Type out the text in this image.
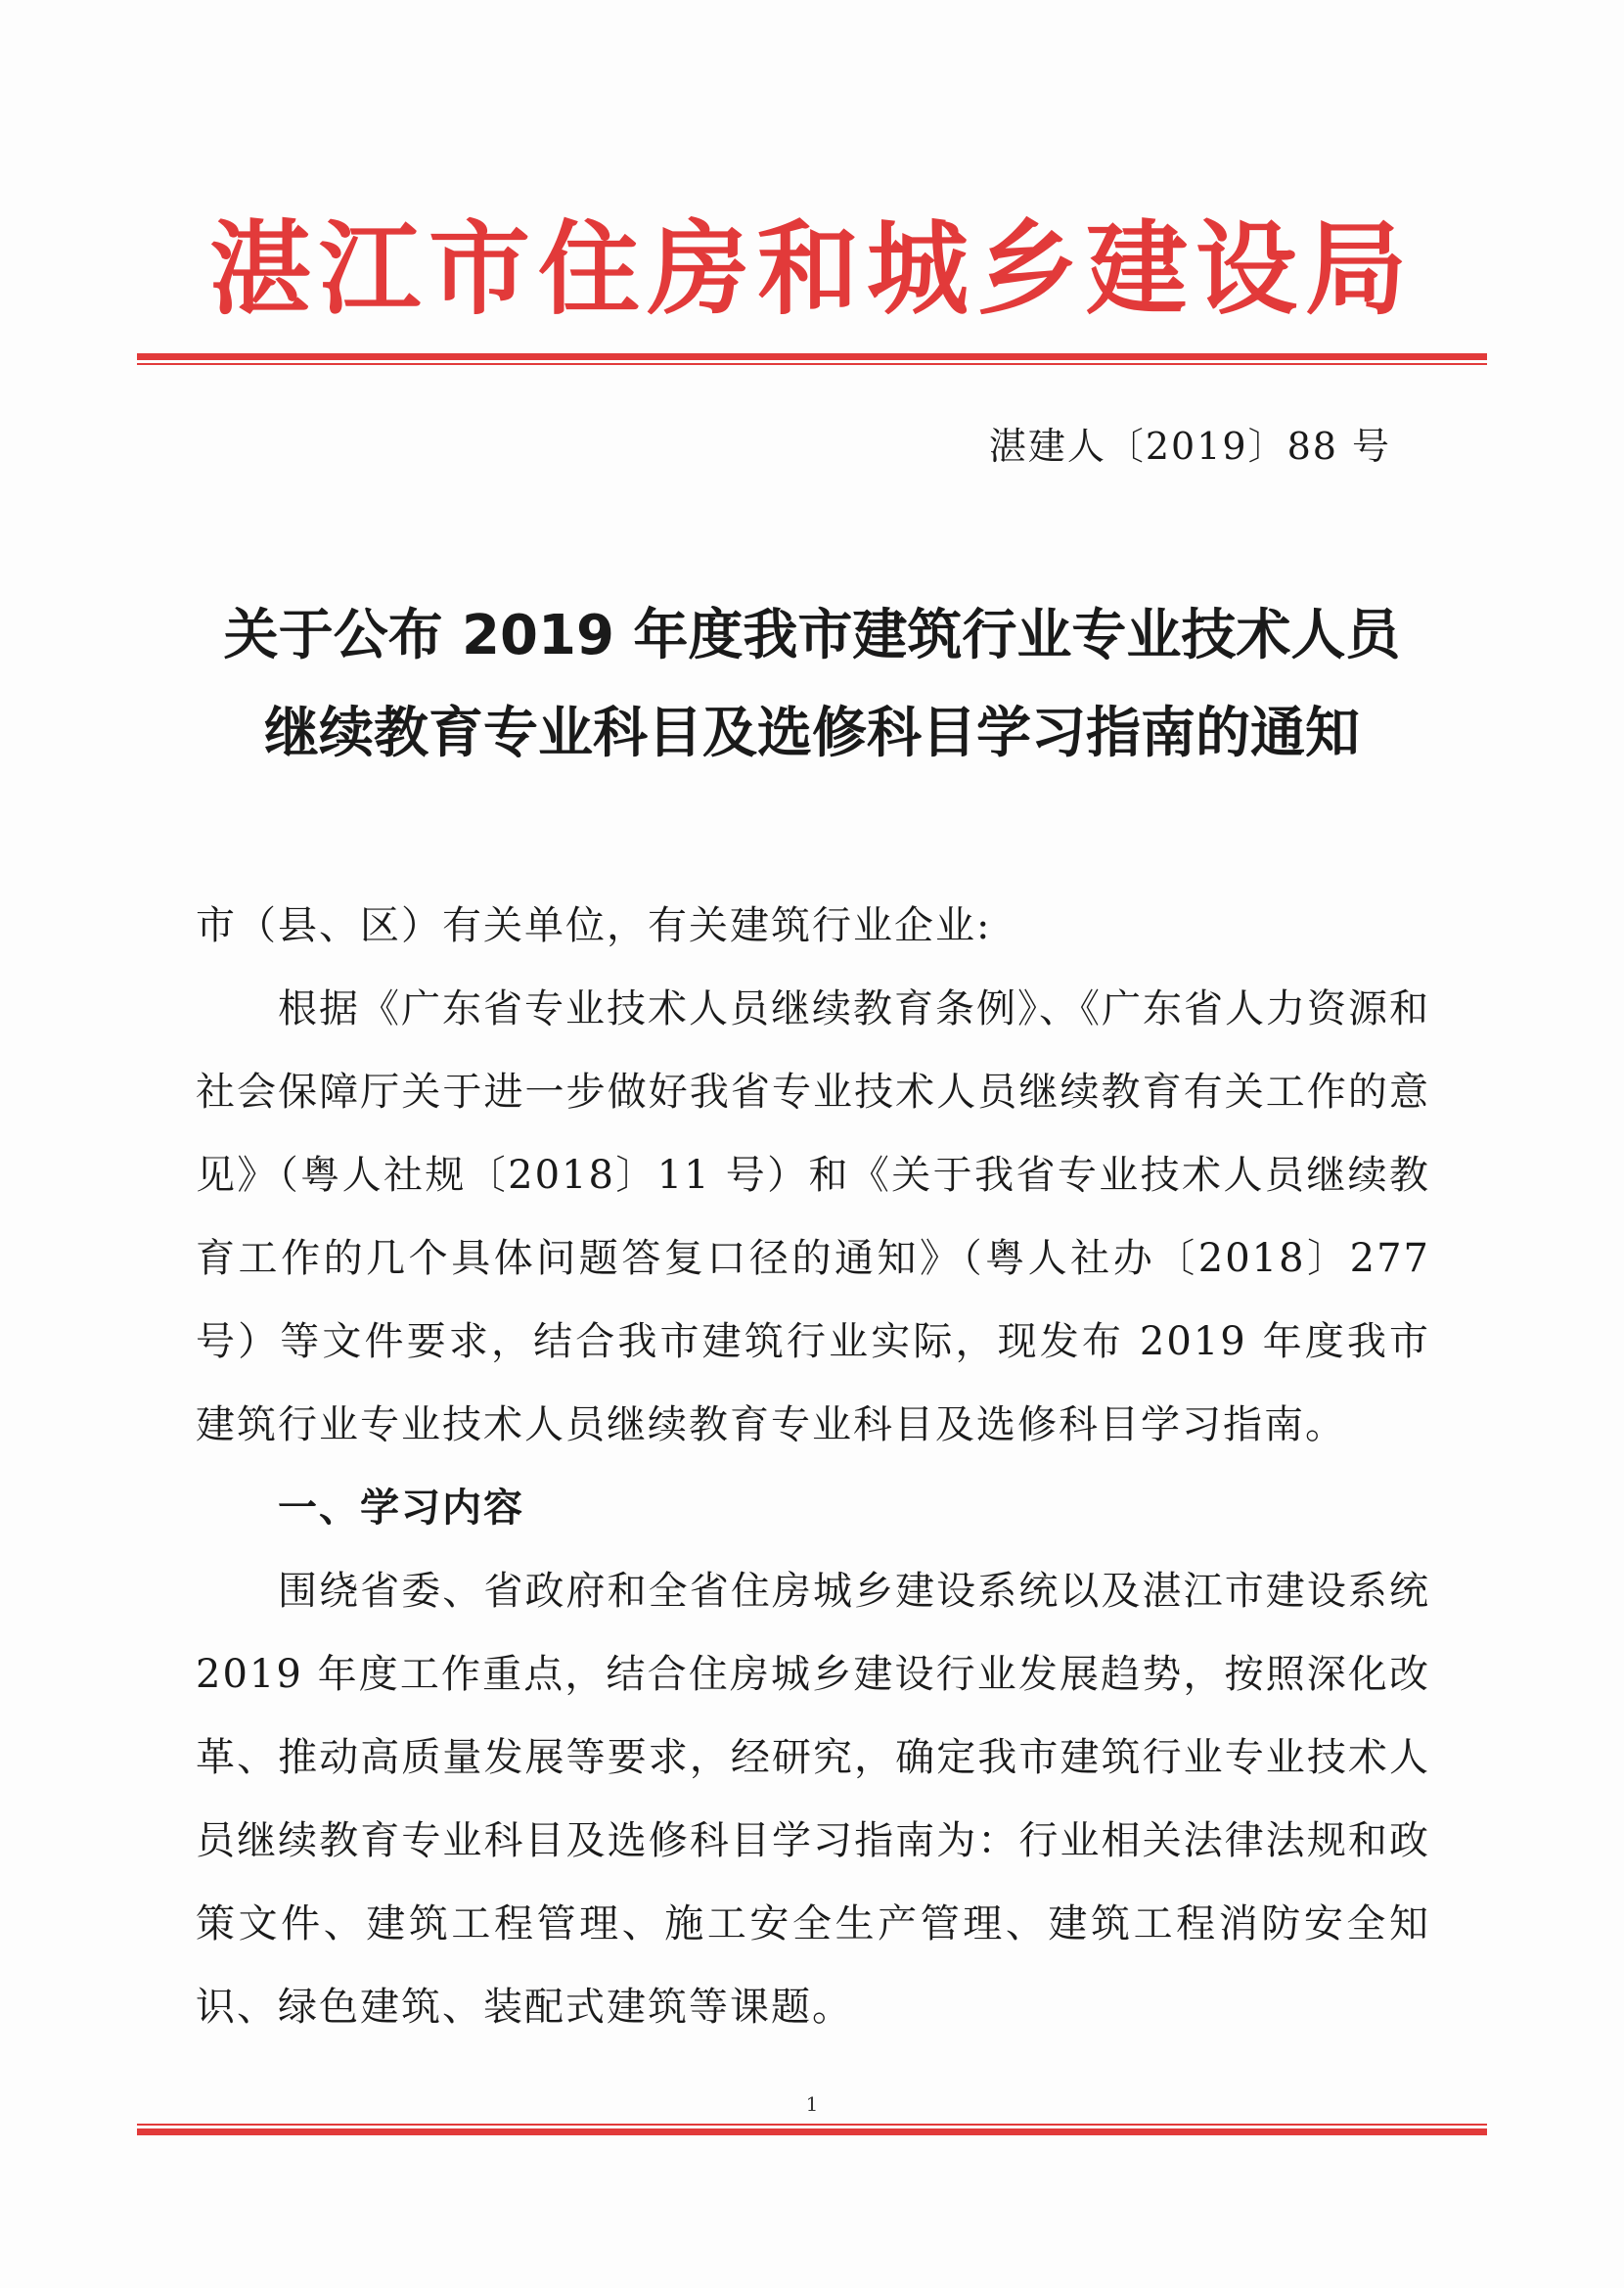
湛江市住房和城乡建设局
湛建人〔2019〕88 号
关于公布 2019 年度我市建筑行业专业技术人员
继续教育专业科目及选修科目学习指南的通知

市（县、区）有关单位，有关建筑行业企业:

根据《广东省专业技术人员继续教育条例》、《广东省人力资源和社会保障厅关于进一步做好我省专业技术人员继续教育有关工作的意见》（粤人社规〔2018〕11 号）和《关于我省专业技术人员继续教育工作的几个具体问题答复口径的通知》（粤人社办〔2018〕277 号）等文件要求，结合我市建筑行业实际，现发布 2019 年度我市建筑行业专业技术人员继续教育专业科目及选修科目学习指南。

一、学习内容

围绕省委、省政府和全省住房城乡建设系统以及湛江市建设系统 2019 年度工作重点，结合住房城乡建设行业发展趋势，按照深化改革、推动高质量发展等要求，经研究，确定我市建筑行业专业技术人员继续教育专业科目及选修科目学习指南为：行业相关法律法规和政策文件、建筑工程管理、施工安全生产管理、建筑工程消防安全知识、绿色建筑、装配式建筑等课题。

1
